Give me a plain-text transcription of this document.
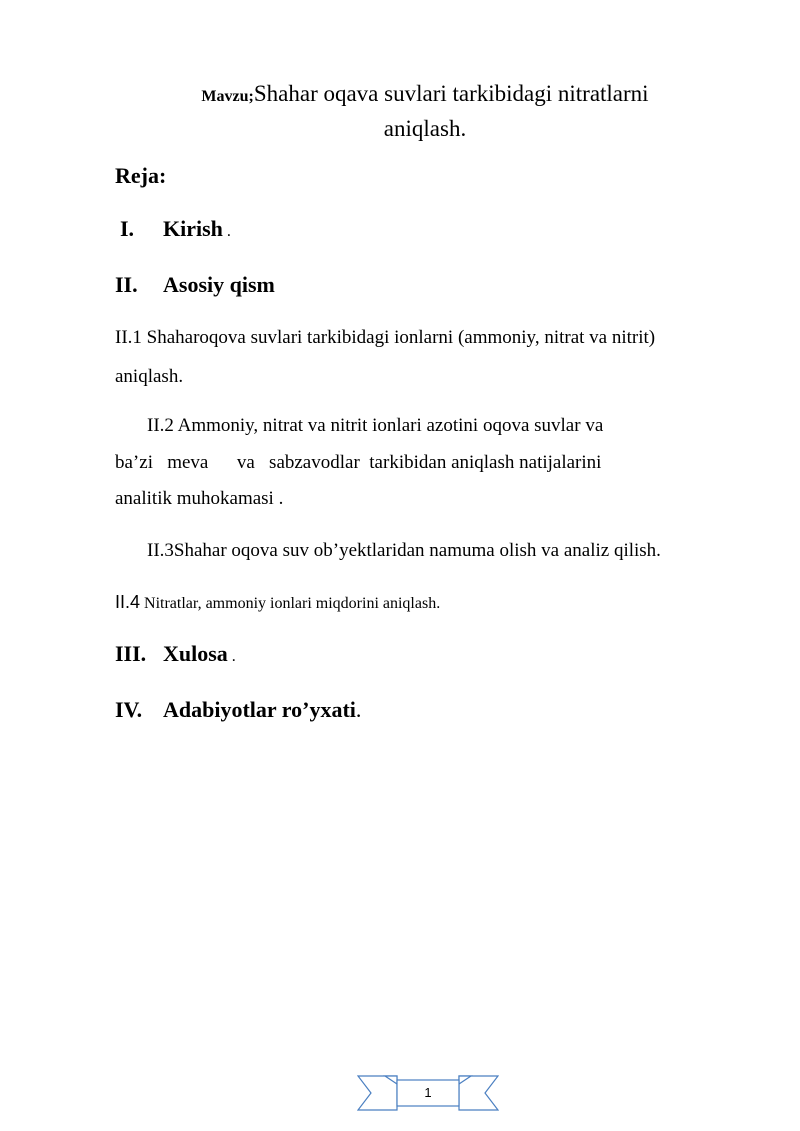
Mavzu;Shahar oqava suvlari tarkibidagi nitratlarni
aniqlash.
Reja:
I. Kirish .
II. Asosiy qism
II.1 Shaharoqova suvlari tarkibidagi ionlarni (ammoniy, nitrat va nitrit)
aniqlash.
II.2 Ammoniy, nitrat va nitrit ionlari azotini oqova suvlar va
ba’zi   meva      va   sabzavodlar  tarkibidan aniqlash natijalarini
analitik muhokamasi .
II.3Shahar oqova suv ob’yektlaridan namuma olish va analiz qilish.
II.4 Nitratlar, ammoniy ionlari miqdorini aniqlash.
III. Xulosa .
IV. Adabiyotlar ro’yxati.
1
